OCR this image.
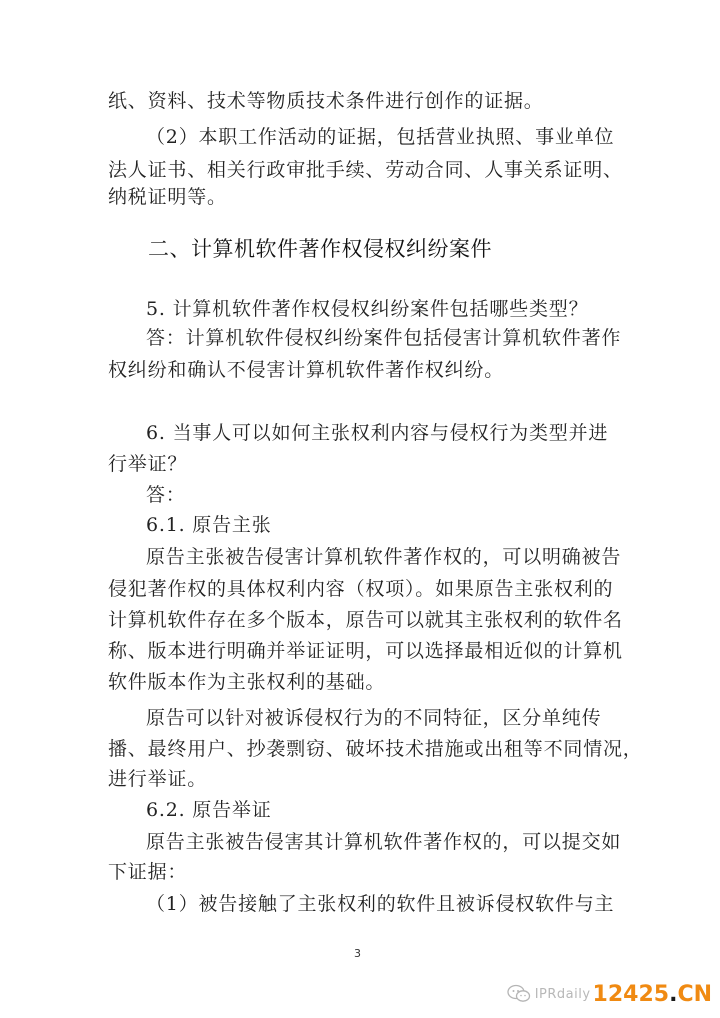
纸、资料、技术等物质技术条件进行创作的证据。
（2）本职工作活动的证据，包括营业执照、事业单位
法人证书、相关行政审批手续、劳动合同、人事关系证明、
纳税证明等。
二、计算机软件著作权侵权纠纷案件
5. 计算机软件著作权侵权纠纷案件包括哪些类型？
答：计算机软件侵权纠纷案件包括侵害计算机软件著作
权纠纷和确认不侵害计算机软件著作权纠纷。
6. 当事人可以如何主张权利内容与侵权行为类型并进
行举证？
答：
6.1. 原告主张
原告主张被告侵害计算机软件著作权的，可以明确被告
侵犯著作权的具体权利内容（权项）。如果原告主张权利的
计算机软件存在多个版本，原告可以就其主张权利的软件名
称、版本进行明确并举证证明，可以选择最相近似的计算机
软件版本作为主张权利的基础。
原告可以针对被诉侵权行为的不同特征，区分单纯传
播、最终用户、抄袭剽窃、破坏技术措施或出租等不同情况，
进行举证。
6.2. 原告举证
原告主张被告侵害其计算机软件著作权的，可以提交如
下证据：
（1）被告接触了主张权利的软件且被诉侵权软件与主
3
IPRdaily 12425.CN
